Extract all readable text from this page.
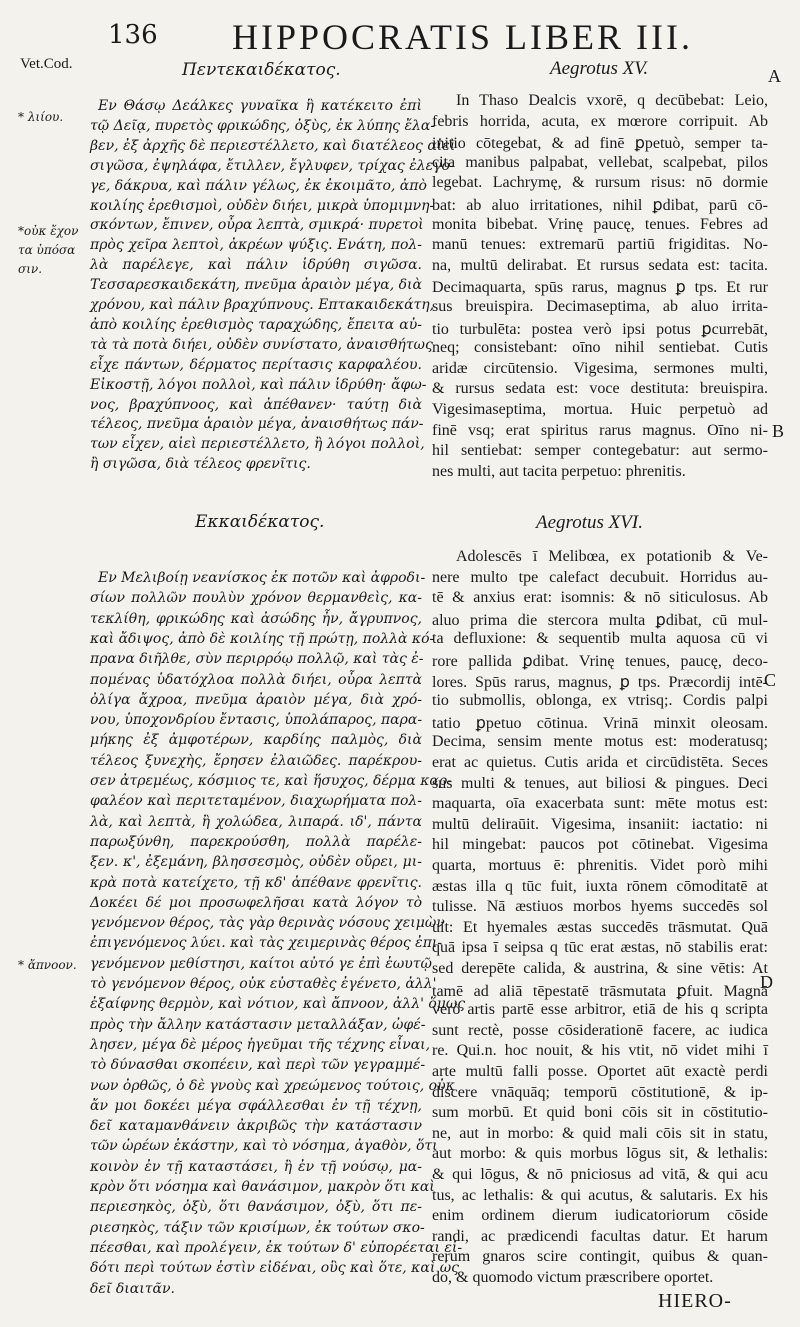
136 HIPPOCRATIS LIBER III.
Vet.Cod.
A
* λιίου.
*οὐκ ἔχον
τα ὑπόσα
σιν.
* ἄπνοον.
B
C
D
Πεντεκαιδέκατος.
Εν Θάσῳ Δεάλκες γυναῖκα ἣ κατέκειτο ἐπὶ
τῷ Δεῖᾳ, πυρετὸς φρικώδης, ὀξὺς, ἐκ λύπης ἔλα-
βεν, ἐξ ἀρχῆς δὲ περιεστέλλετο, καὶ διατέλεος αἰεὶ
σιγῶσα, ἐψηλάφα, ἔτιλλεν, ἔγλυφεν, τρίχας ἐλεγο-
γε, δάκρυα, καὶ πάλιν γέλως, ἐκ ἐκοιμᾶτο, ἀπὸ
κοιλίης ἐρεθισμοὶ, οὐδὲν διήει, μικρὰ ὑπομιμνη-
σκόντων, ἔπινεν, οὖρα λεπτὰ, σμικρά· πυρετοὶ
πρὸς χεῖρα λεπτοὶ, ἀκρέων ψύξις. Ενάτη, πολ-
λὰ παρέλεγε, καὶ πάλιν ἱδρύθη σιγῶσα.
Τεσσαρεσκαιδεκάτη, πνεῦμα ἀραιὸν μέγα, διὰ
χρόνου, καὶ πάλιν βραχύπνους. Επτακαιδεκάτη,
ἀπὸ κοιλίης ἐρεθισμὸς ταραχώδης, ἔπειτα αὐ-
τὰ τὰ ποτὰ διήει, οὐδὲν συνίστατο, ἀναισθήτως
εἶχε πάντων, δέρματος περίτασις καρφαλέου.
Εἰκοστῇ, λόγοι πολλοὶ, καὶ πάλιν ἱδρύθη· ἄφω-
νος, βραχύπνοος, καὶ ἀπέθανεν· ταύτῃ διὰ
τέλεος, πνεῦμα ἀραιὸν μέγα, ἀναισθήτως πάν-
των εἶχεν, αἰεὶ περιεστέλλετο, ἢ λόγοι πολλοὶ,
ἢ σιγῶσα, διὰ τέλεος φρενῖτις.
Εκκαιδέκατος.
Εν Μελιβοίῃ νεανίσκος ἐκ ποτῶν καὶ ἀφροδι-
σίων πολλῶν πουλὺν χρόνον θερμανθεὶς, κα-
τεκλίθη, φρικώδης καὶ ἀσώδης ἦν, ἄγρυπνος,
καὶ ἄδιψος, ἀπὸ δὲ κοιλίης τῇ πρώτῃ, πολλὰ κό-
πρανα διῆλθε, σὺν περιρρόῳ πολλῷ, καὶ τὰς ἐ-
πομένας ὑδατόχλοα πολλὰ διήει, οὖρα λεπτὰ
ὀλίγα ἄχροα, πνεῦμα ἀραιὸν μέγα, διὰ χρό-
νου, ὑποχονδρίου ἔντασις, ὑπολάπαρος, παρα-
μήκης ἐξ ἀμφοτέρων, καρδίης παλμὸς, διὰ
τέλεος ξυνεχὴς, ἔρησεν ἐλαιῶδες. παρέκρου-
σεν ἀτρεμέως, κόσμιος τε, καὶ ἥσυχος, δέρμα καρ-
φαλέον καὶ περιτεταμένον, διαχωρήματα πολ-
λὰ, καὶ λεπτὰ, ἢ χολώδεα, λιπαρά. ιδ', πάντα
παρωξύνθη, παρεκρούσθη, πολλὰ παρέλε-
ξεν. κ', ἐξεμάνη, βλησσεσμὸς, οὐδὲν οὔρει, μι-
κρὰ ποτὰ κατείχετο, τῇ κδ' ἀπέθανε φρενῖτις.
Δοκέει δέ μοι προσωφελῆσαι κατὰ λόγον τὸ
γενόμενον θέρος, τὰς γὰρ θερινὰς νόσους χειμὼν
ἐπιγενόμενος λύει. καὶ τὰς χειμερινὰς θέρος ἐπι-
γενόμενον μεθίστησι, καίτοι αὐτό γε ἐπὶ ἑωυτῷ
τὸ γενόμενον θέρος, οὐκ εὐσταθὲς ἐγένετο, ἀλλ'
ἐξαίφνης θερμὸν, καὶ νότιον, καὶ ἄπνοον, ἀλλ' ὅμως
πρὸς τὴν ἄλλην κατάστασιν μεταλλάξαν, ὠφέ-
λησεν, μέγα δὲ μέρος ἡγεῦμαι τῆς τέχνης εἶναι,
τὸ δύνασθαι σκοπέειν, καὶ περὶ τῶν γεγραμμέ-
νων ὀρθῶς, ὁ δὲ γνοὺς καὶ χρεώμενος τούτοις, οὐκ
ἄν μοι δοκέει μέγα σφάλλεσθαι ἐν τῇ τέχνῃ,
δεῖ καταμανθάνειν ἀκριβῶς τὴν κατάστασιν
τῶν ὡρέων ἑκάστην, καὶ τὸ νόσημα, ἀγαθὸν, ὅτι
κοινὸν ἐν τῇ καταστάσει, ἢ ἐν τῇ νούσῳ, μα-
κρὸν ὅτι νόσημα καὶ θανάσιμον, μακρὸν ὅτι καὶ
περιεσηκὸς, ὀξὺ, ὅτι θανάσιμον, ὀξὺ, ὅτι πε-
ριεσηκὸς, τάξιν τῶν κρισίμων, ἐκ τούτων σκο-
πέεσθαι, καὶ προλέγειν, ἐκ τούτων δ' εὐπορέεται εἰ-
δότι περὶ τούτων ἐστὶν εἰδέναι, οὓς καὶ ὅτε, καὶ ὡς
δεῖ διαιτᾶν.
Aegrotus XV.
In Thaso Dealcis vxorē, q decūbebat: Leio,
febris horrida, acuta, ex mœrore corripuit. Ab
initio cōtegebat, & ad finē ꝑpetuò, semper ta-
cita manibus palpabat, vellebat, scalpebat, pilos
legebat. Lachrymę, & rursum risus: nō dormie
bat: ab aluo irritationes, nihil ꝑdibat, parū cō-
monita bibebat. Vrinę paucę, tenues. Febres ad
manū tenues: extremarū partiū frigiditas. No-
na, multū delirabat. Et rursus sedata est: tacita.
Decimaquarta, spūs rarus, magnus ꝑ tps. Et rur
sus breuispira. Decimaseptima, ab aluo irrita-
tio turbulēta: postea verò ipsi potus ꝑcurrebāt,
neq; consistebant: oīno nihil sentiebat. Cutis
aridæ circūtensio. Vigesima, sermones multi,
& rursus sedata est: voce destituta: breuispira.
Vigesimaseptima, mortua. Huic perpetuò ad
finē vsq; erat spiritus rarus magnus. Oīno ni-
hil sentiebat: semper contegebatur: aut sermo-
nes multi, aut tacita perpetuo: phrenitis.
Aegrotus XVI.
Adolescēs ī Melibœa, ex potationib & Ve-
nere multo tpe calefact decubuit. Horridus au-
tē & anxius erat: isomnis: & nō siticulosus. Ab
aluo prima die stercora multa ꝑdibat, cū mul-
ta defluxione: & sequentib multa aquosa cū vi
rore pallida ꝑdibat. Vrinę tenues, paucę, deco-
lores. Spūs rarus, magnus, ꝑ tps. Præcordij intē-
tio submollis, oblonga, ex vtrisq;. Cordis palpi
tatio ꝑpetuo cōtinua. Vrinā minxit oleosam.
Decima, sensim mente motus est: moderatusq;
erat ac quietus. Cutis arida et circūdistēta. Seces
sus multi & tenues, aut biliosi & pingues. Deci
maquarta, oīa exacerbata sunt: mēte motus est:
multū deliraūit. Vigesima, insaniit: iactatio: ni
hil mingebat: paucos pot cōtinebat. Vigesima
quarta, mortuus ē: phrenitis. Videt porò mihi
æstas illa q tūc fuit, iuxta rōnem cōmoditatē at
tulisse. Nā æstiuos morbos hyems succedēs sol
uit: Et hyemales æstas succedēs trāsmutat. Quā
quā ipsa ī seipsa q tūc erat æstas, nō stabilis erat:
sed derepēte calida, & austrina, & sine vētis: At
tamē ad aliā tēpestatē trāsmutata ꝑfuit. Magnā
verò artis partē esse arbitror, etiā de his q scripta
sunt rectè, posse cōsiderationē facere, ac iudica
re. Qui.n. hoc nouit, & his vtit, nō videt mihi ī
arte multū falli posse. Oportet aūt exactè perdi
discere vnāquāq; temporū cōstitutionē, & ip-
sum morbū. Et quid boni cōis sit in cōstitutio-
ne, aut in morbo: & quid mali cōis sit in statu,
aut morbo: & quis morbus lōgus sit, & lethalis:
& qui lōgus, & nō pniciosus ad vitā, & qui acu
tus, ac lethalis: & qui acutus, & salutaris. Ex his
enim ordinem dierum iudicatoriorum cōside
randi, ac prædicendi facultas datur. Et harum
rerum gnaros scire contingit, quibus & quan-
do, & quomodo victum præscribere oportet.
HIERO-
